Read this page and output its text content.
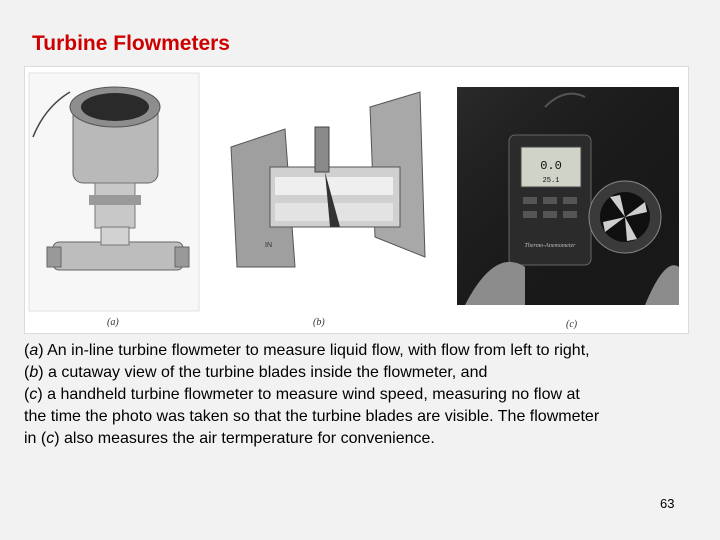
Turbine Flowmeters
IN
0.0
25.1
Thermo-Anemometer
(a)	(b)	(c)
(a) An in-line turbine flowmeter to measure liquid flow, with flow from left to right,
(b) a cutaway view of the turbine blades inside the flowmeter, and
(c) a handheld turbine flowmeter to measure wind speed, measuring no flow at
the time the photo was taken so that the turbine blades are visible. The flowmeter
in (c) also measures the air termperature for convenience.
63
